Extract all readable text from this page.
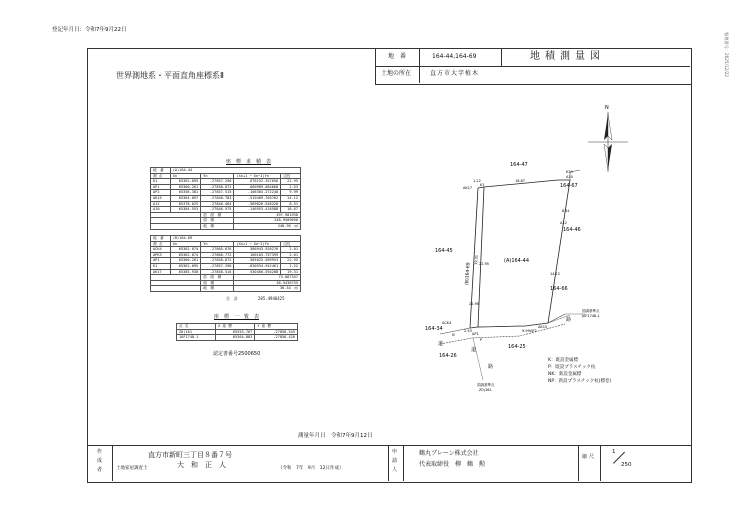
登記年月日：令和7年9月22日
整理番号：2025/12/22
地　番	164-44,164-69	地積測量図
土地の所在	直方市大字植木
世界測地系・平面直角座標系Ⅱ
座　標　求　積　表
地　番	(A)164-44			
測 点	Xn	Yn	(Xn+1 − Xn−1)Yn	辺長
K1	65362.095	-27857.298	676152.357056	22.95
AP1	65360.261	-27858.872	660989.084668	2.53
AP2	65358.381	-27857.515	-106304.272240	9.99
AK15	65364.097	-27846.783	-519409.705762	14.12
A12	65378.025	-27846.464	-569626.546228	8.51
A10	65384.553	-27846.575	-146953.416588	18.67
		倍　面　積	497.901938	
		面　積	248.9509690	
		地　積	248.95　㎡	
地　番	(B)164-69			
測 点	Xn	Yn	(Xn+1 − Xn−1)Yn	辺長
ACK4	65362.074	-27865.676	586943.926276	2.01
APK3	65362.074	-27866.772	160103.757399	2.01
AP1	65360.261	-27858.872	-565025.589953	22.95
K1	65362.095	-27857.298	-830934.942461	1.22
AK17	65385.930	-27858.516	530460.594208	19.31
		倍　面　積	73.087347	
		面　積	36.5436735	
		地　積	36.54　㎡	
合　計	285.4946425
座　標　一　覧　表
点 名	X 座 標	Y 座 標
Z0(161	65353.767	-27856.545
JAF1748-1	65364.883	-27856.426
認定書番号2500650
測量年月日　令和7年9月12日
N
164-47
164-67
164-46
164-45
164-66
164-34
164-26
164-25
(A)164-44
(B)164-69
K10
AK17
K1
A12
ACK4
A10
AP1
AP2
N
P
AK15
道
路
道
路
1.22
19.31
18.67
8.51
22.95
22.95
14.12
2.53	9.99
国調基準点
JAF1748-1
国調基準点
Z0(161
K：既設金属標
P：既設プラスチック杭
NK：新設金属標
NP：新設プラスチック杭(標巻)
作
成
者
直方市新町三丁目８番７号
大　和　正　人
土地家屋調査士	（令和　7年　9月　12日作成）
申
請
人
鶴丸ブレーン株式会社
代表取締役　柳　鶴　勲
縮 尺
1
250
